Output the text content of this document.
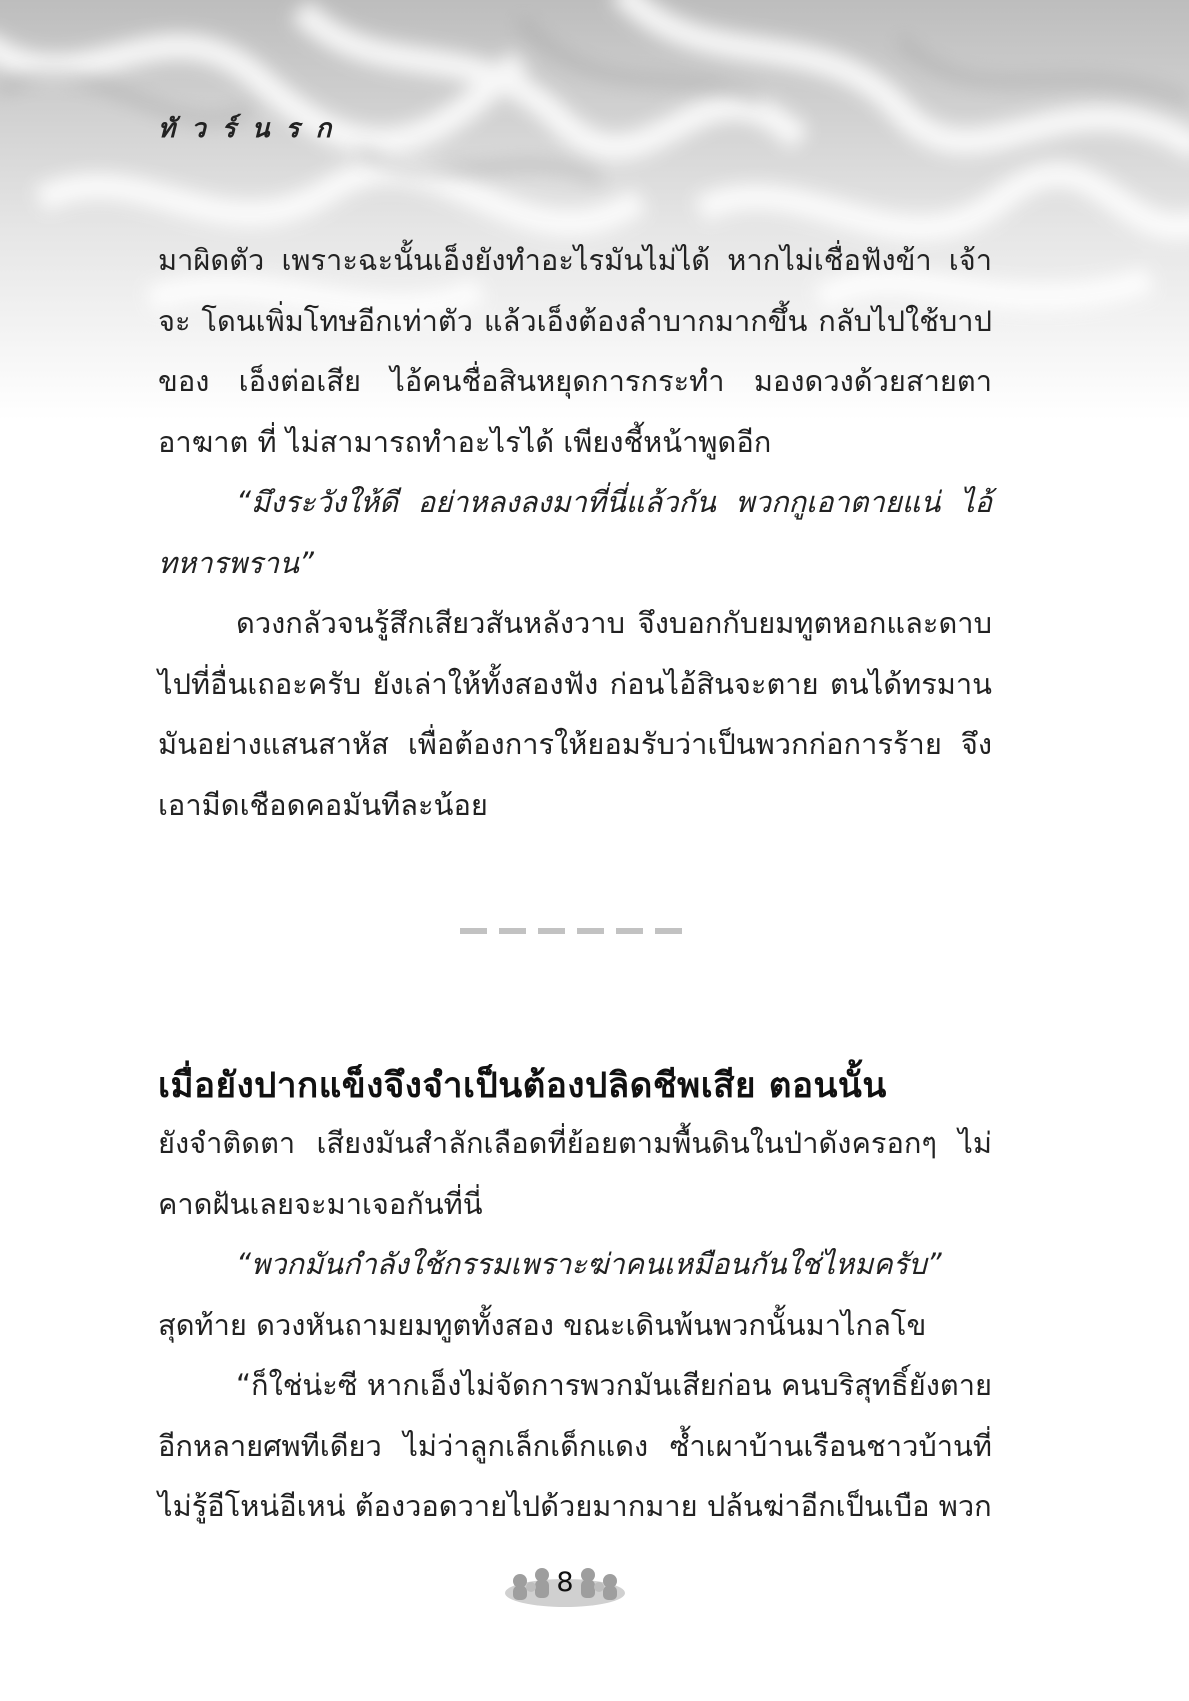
ทัวร์นรก

มาผิดตัว เพราะฉะนั้นเอ็งยังทำอะไรมันไม่ได้ หากไม่เชื่อฟังข้า เจ้าจะ โดนเพิ่มโทษอีกเท่าตัว แล้วเอ็งต้องลำบากมากขึ้น กลับไปใช้บาปของ เอ็งต่อเสีย ไอ้คนชื่อสินหยุดการกระทำ มองดวงด้วยสายตาอาฆาต ที่ ไม่สามารถทำอะไรได้ เพียงชี้หน้าพูดอีก

“มึงระวังให้ดี อย่าหลงลงมาที่นี่แล้วกัน พวกกูเอาตายแน่ ไอ้ ทหารพราน”

ดวงกลัวจนรู้สึกเสียวสันหลังวาบ จึงบอกกับยมทูตหอกและดาบ ไปที่อื่นเถอะครับ ยังเล่าให้ทั้งสองฟัง ก่อนไอ้สินจะตาย ตนได้ทรมาน มันอย่างแสนสาหัส เพื่อต้องการให้ยอมรับว่าเป็นพวกก่อการร้าย จึง เอามีดเชือดคอมันทีละน้อย

เมื่อยังปากแข็งจึงจำเป็นต้องปลิดชีพเสีย ตอนนั้น

ยังจำติดตา เสียงมันสำลักเลือดที่ย้อยตามพื้นดินในป่าดังครอกๆ ไม่ คาดฝันเลยจะมาเจอกันที่นี่

“พวกมันกำลังใช้กรรมเพราะฆ่าคนเหมือนกันใช่ไหมครับ” สุดท้าย ดวงหันถามยมทูตทั้งสอง ขณะเดินพ้นพวกนั้นมาไกลโข

“ก็ใช่น่ะซี หากเอ็งไม่จัดการพวกมันเสียก่อน คนบริสุทธิ์ยังตาย อีกหลายศพทีเดียว ไม่ว่าลูกเล็กเด็กแดง ซ้ำเผาบ้านเรือนชาวบ้านที่ ไม่รู้อีโหน่อีเหน่ ต้องวอดวายไปด้วยมากมาย ปล้นฆ่าอีกเป็นเบือ พวก

8
